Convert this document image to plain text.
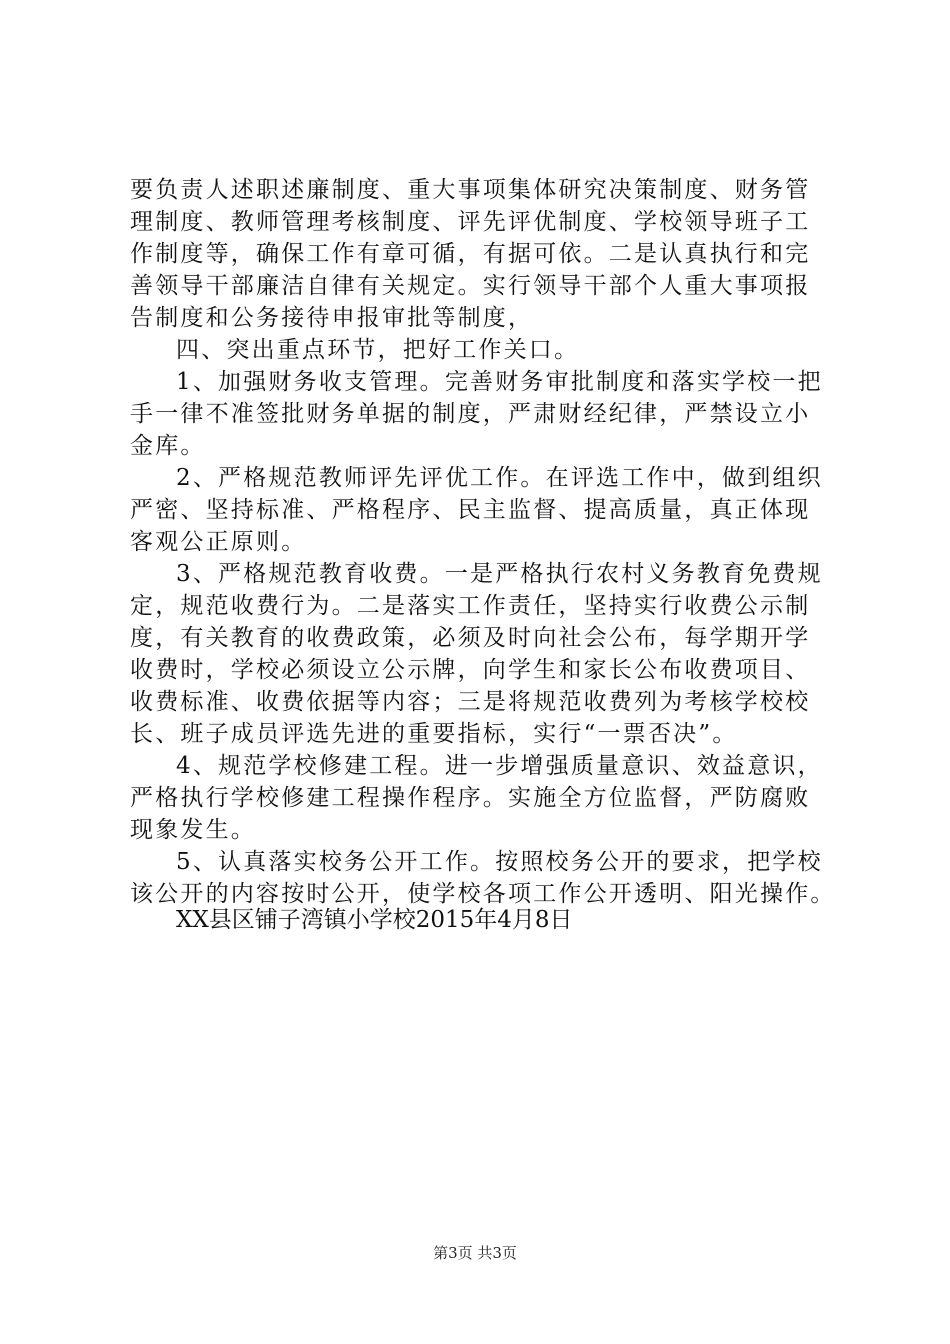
要负责人述职述廉制度、重大事项集体研究决策制度、财务管
理制度、教师管理考核制度、评先评优制度、学校领导班子工
作制度等，确保工作有章可循，有据可依。二是认真执行和完
善领导干部廉洁自律有关规定。实行领导干部个人重大事项报
告制度和公务接待申报审批等制度，
四、突出重点环节，把好工作关口。
1、加强财务收支管理。完善财务审批制度和落实学校一把
手一律不准签批财务单据的制度，严肃财经纪律，严禁设立小
金库。
2、严格规范教师评先评优工作。在评选工作中，做到组织
严密、坚持标准、严格程序、民主监督、提高质量，真正体现
客观公正原则。
3、严格规范教育收费。一是严格执行农村义务教育免费规
定，规范收费行为。二是落实工作责任，坚持实行收费公示制
度，有关教育的收费政策，必须及时向社会公布，每学期开学
收费时，学校必须设立公示牌，向学生和家长公布收费项目、
收费标准、收费依据等内容；三是将规范收费列为考核学校校
长、班子成员评选先进的重要指标，实行“一票否决”。
4、规范学校修建工程。进一步增强质量意识、效益意识，
严格执行学校修建工程操作程序。实施全方位监督，严防腐败
现象发生。
5、认真落实校务公开工作。按照校务公开的要求，把学校
该公开的内容按时公开，使学校各项工作公开透明、阳光操作。
XX县区铺子湾镇小学校2015年4月8日
第3页 共3页
